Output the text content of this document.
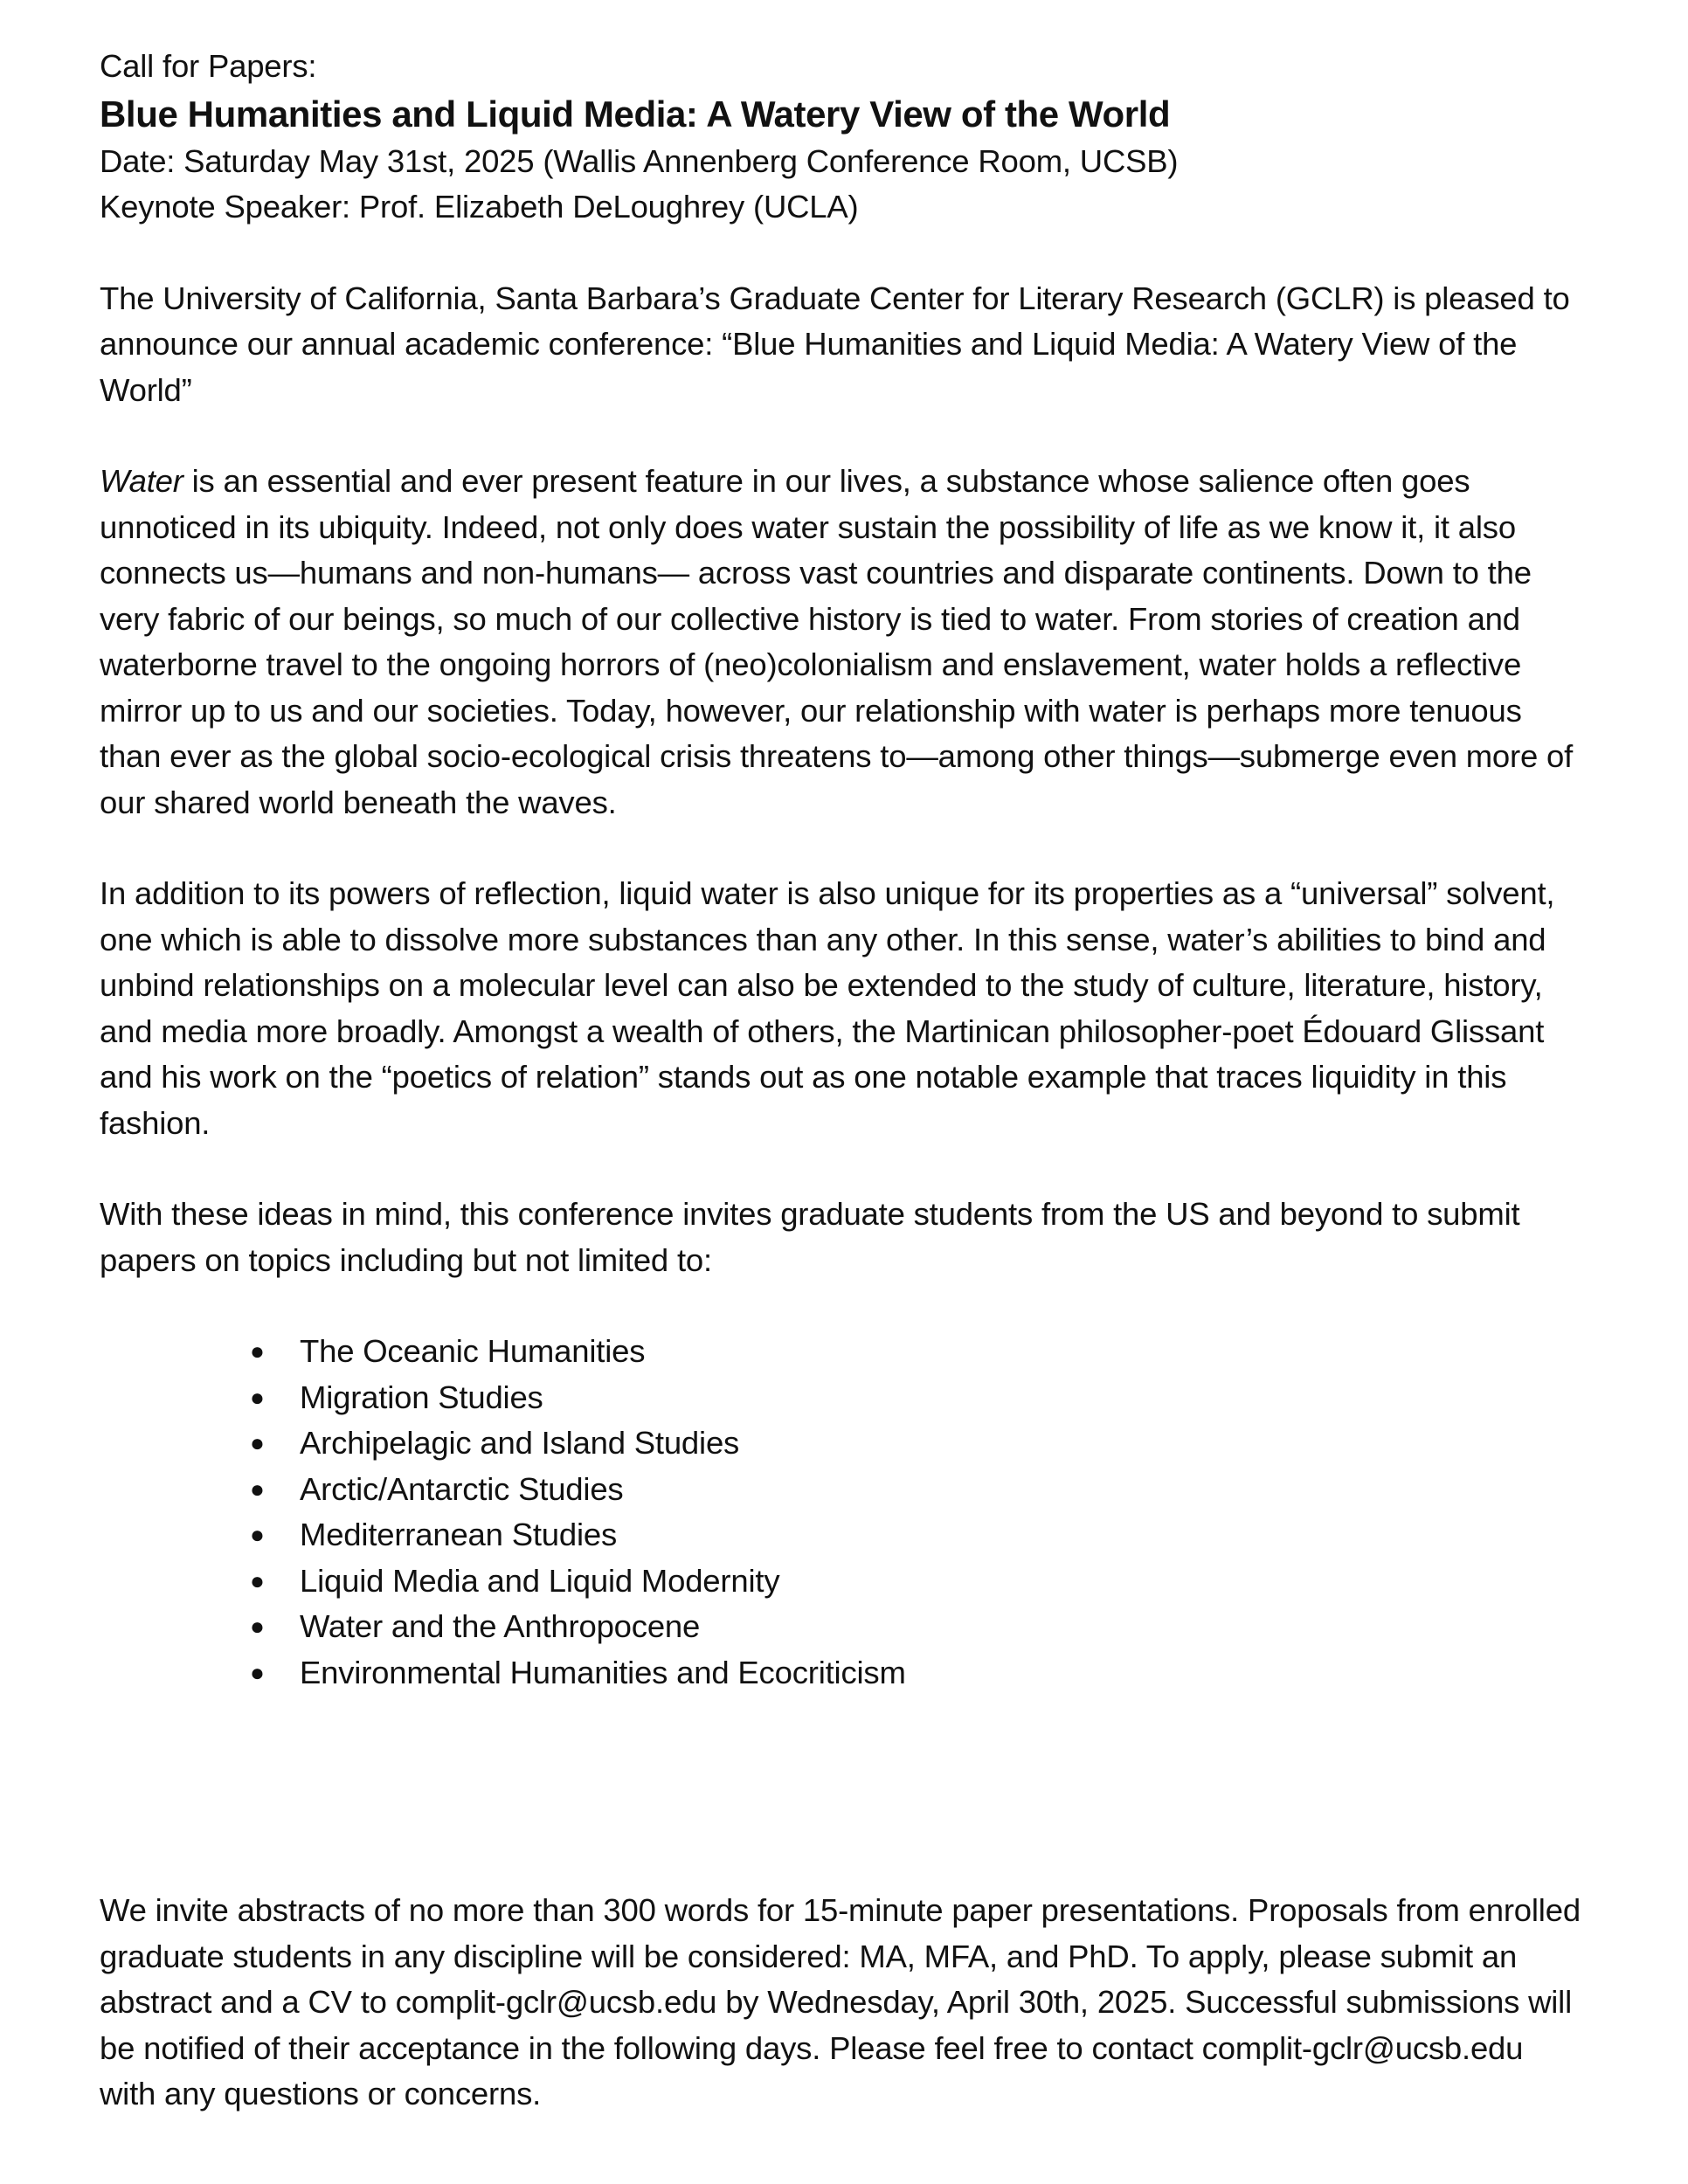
Call for Papers:

Blue Humanities and Liquid Media: A Watery View of the World

Date: Saturday May 31st, 2025 (Wallis Annenberg Conference Room, UCSB)

Keynote Speaker: Prof. Elizabeth DeLoughrey (UCLA)

The University of California, Santa Barbara’s Graduate Center for Literary Research (GCLR) is pleased to announce our annual academic conference: “Blue Humanities and Liquid Media: A Watery View of the World”

Water is an essential and ever present feature in our lives, a substance whose salience often goes unnoticed in its ubiquity. Indeed, not only does water sustain the possibility of life as we know it, it also connects us—humans and non-humans— across vast countries and disparate continents. Down to the very fabric of our beings, so much of our collective history is tied to water. From stories of creation and waterborne travel to the ongoing horrors of (neo)colonialism and enslavement, water holds a reflective mirror up to us and our societies. Today, however, our relationship with water is perhaps more tenuous than ever as the global socio-ecological crisis threatens to—among other things—submerge even more of our shared world beneath the waves.

In addition to its powers of reflection, liquid water is also unique for its properties as a “universal” solvent, one which is able to dissolve more substances than any other. In this sense, water’s abilities to bind and unbind relationships on a molecular level can also be extended to the study of culture, literature, history, and media more broadly. Amongst a wealth of others, the Martinican philosopher-poet Édouard Glissant and his work on the “poetics of relation” stands out as one notable example that traces liquidity in this fashion.

With these ideas in mind, this conference invites graduate students from the US and beyond to submit papers on topics including but not limited to:

● The Oceanic Humanities
● Migration Studies
● Archipelagic and Island Studies
● Arctic/Antarctic Studies
● Mediterranean Studies
● Liquid Media and Liquid Modernity
● Water and the Anthropocene
● Environmental Humanities and Ecocriticism

We invite abstracts of no more than 300 words for 15-minute paper presentations. Proposals from enrolled graduate students in any discipline will be considered: MA, MFA, and PhD. To apply, please submit an abstract and a CV to complit-gclr@ucsb.edu by Wednesday, April 30th, 2025. Successful submissions will be notified of their acceptance in the following days. Please feel free to contact complit-gclr@ucsb.edu with any questions or concerns.
